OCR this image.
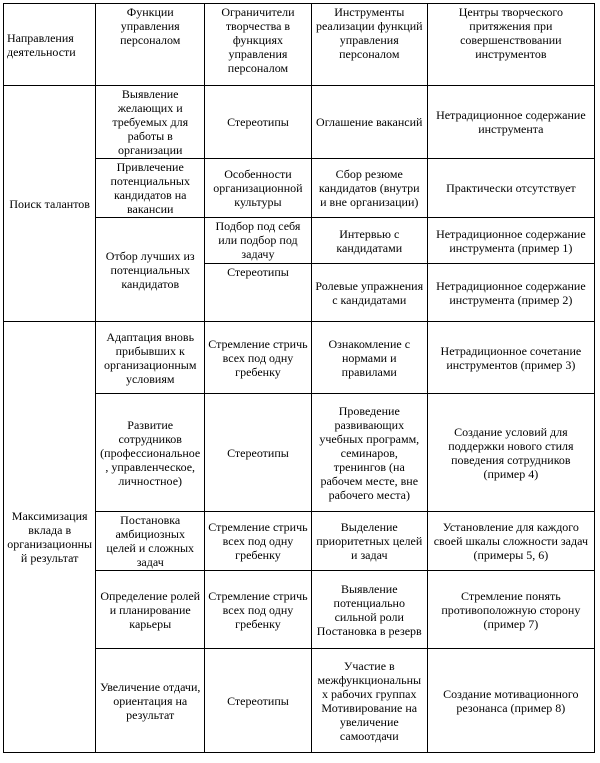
Направления деятельности	Функции управления персоналом	Ограничители творчества в функциях управления персоналом	Инструменты реализации функций управления персоналом	Центры творческого притяжения при совершенствовании инструментов
Поиск талантов	Выявление желающих и требуемых для работы в организации	Стереотипы	Оглашение вакансий	Нетрадиционное содержание инструмента
	Привлечение потенциальных кандидатов на вакансии	Особенности организационной культуры	Сбор резюме кандидатов (внутри и вне организации)	Практически отсутствует
	Отбор лучших из потенциальных кандидатов	Подбор под себя или подбор под задачу	Интервью с кандидатами	Нетрадиционное содержание инструмента (пример 1)
		Стереотипы	Ролевые упражнения с кандидатами	Нетрадиционное содержание инструмента (пример 2)
Максимизация вклада в организационный результат	Адаптация вновь прибывших к организационным условиям	Стремление стричь всех под одну гребенку	Ознакомление с нормами и правилами	Нетрадиционное сочетание инструментов (пример 3)
	Развитие сотрудников (профессиональное, управленческое, личностное)	Стереотипы	Проведение развивающих учебных программ, семинаров, тренингов (на рабочем месте, вне рабочего места)	Создание условий для поддержки нового стиля поведения сотрудников (пример 4)
	Постановка амбициозных целей и сложных задач	Стремление стричь всех под одну гребенку	Выделение приоритетных целей и задач	Установление для каждого своей шкалы сложности задач (примеры 5, 6)
	Определение ролей и планирование карьеры	Стремление стричь всех под одну гребенку	Выявление потенциально сильной роли Постановка в резерв	Стремление понять противоположную сторону (пример 7)
	Увеличение отдачи, ориентация на результат	Стереотипы	Участие в межфункциональных рабочих группах Мотивирование на увеличение самоотдачи	Создание мотивационного резонанса (пример 8)
